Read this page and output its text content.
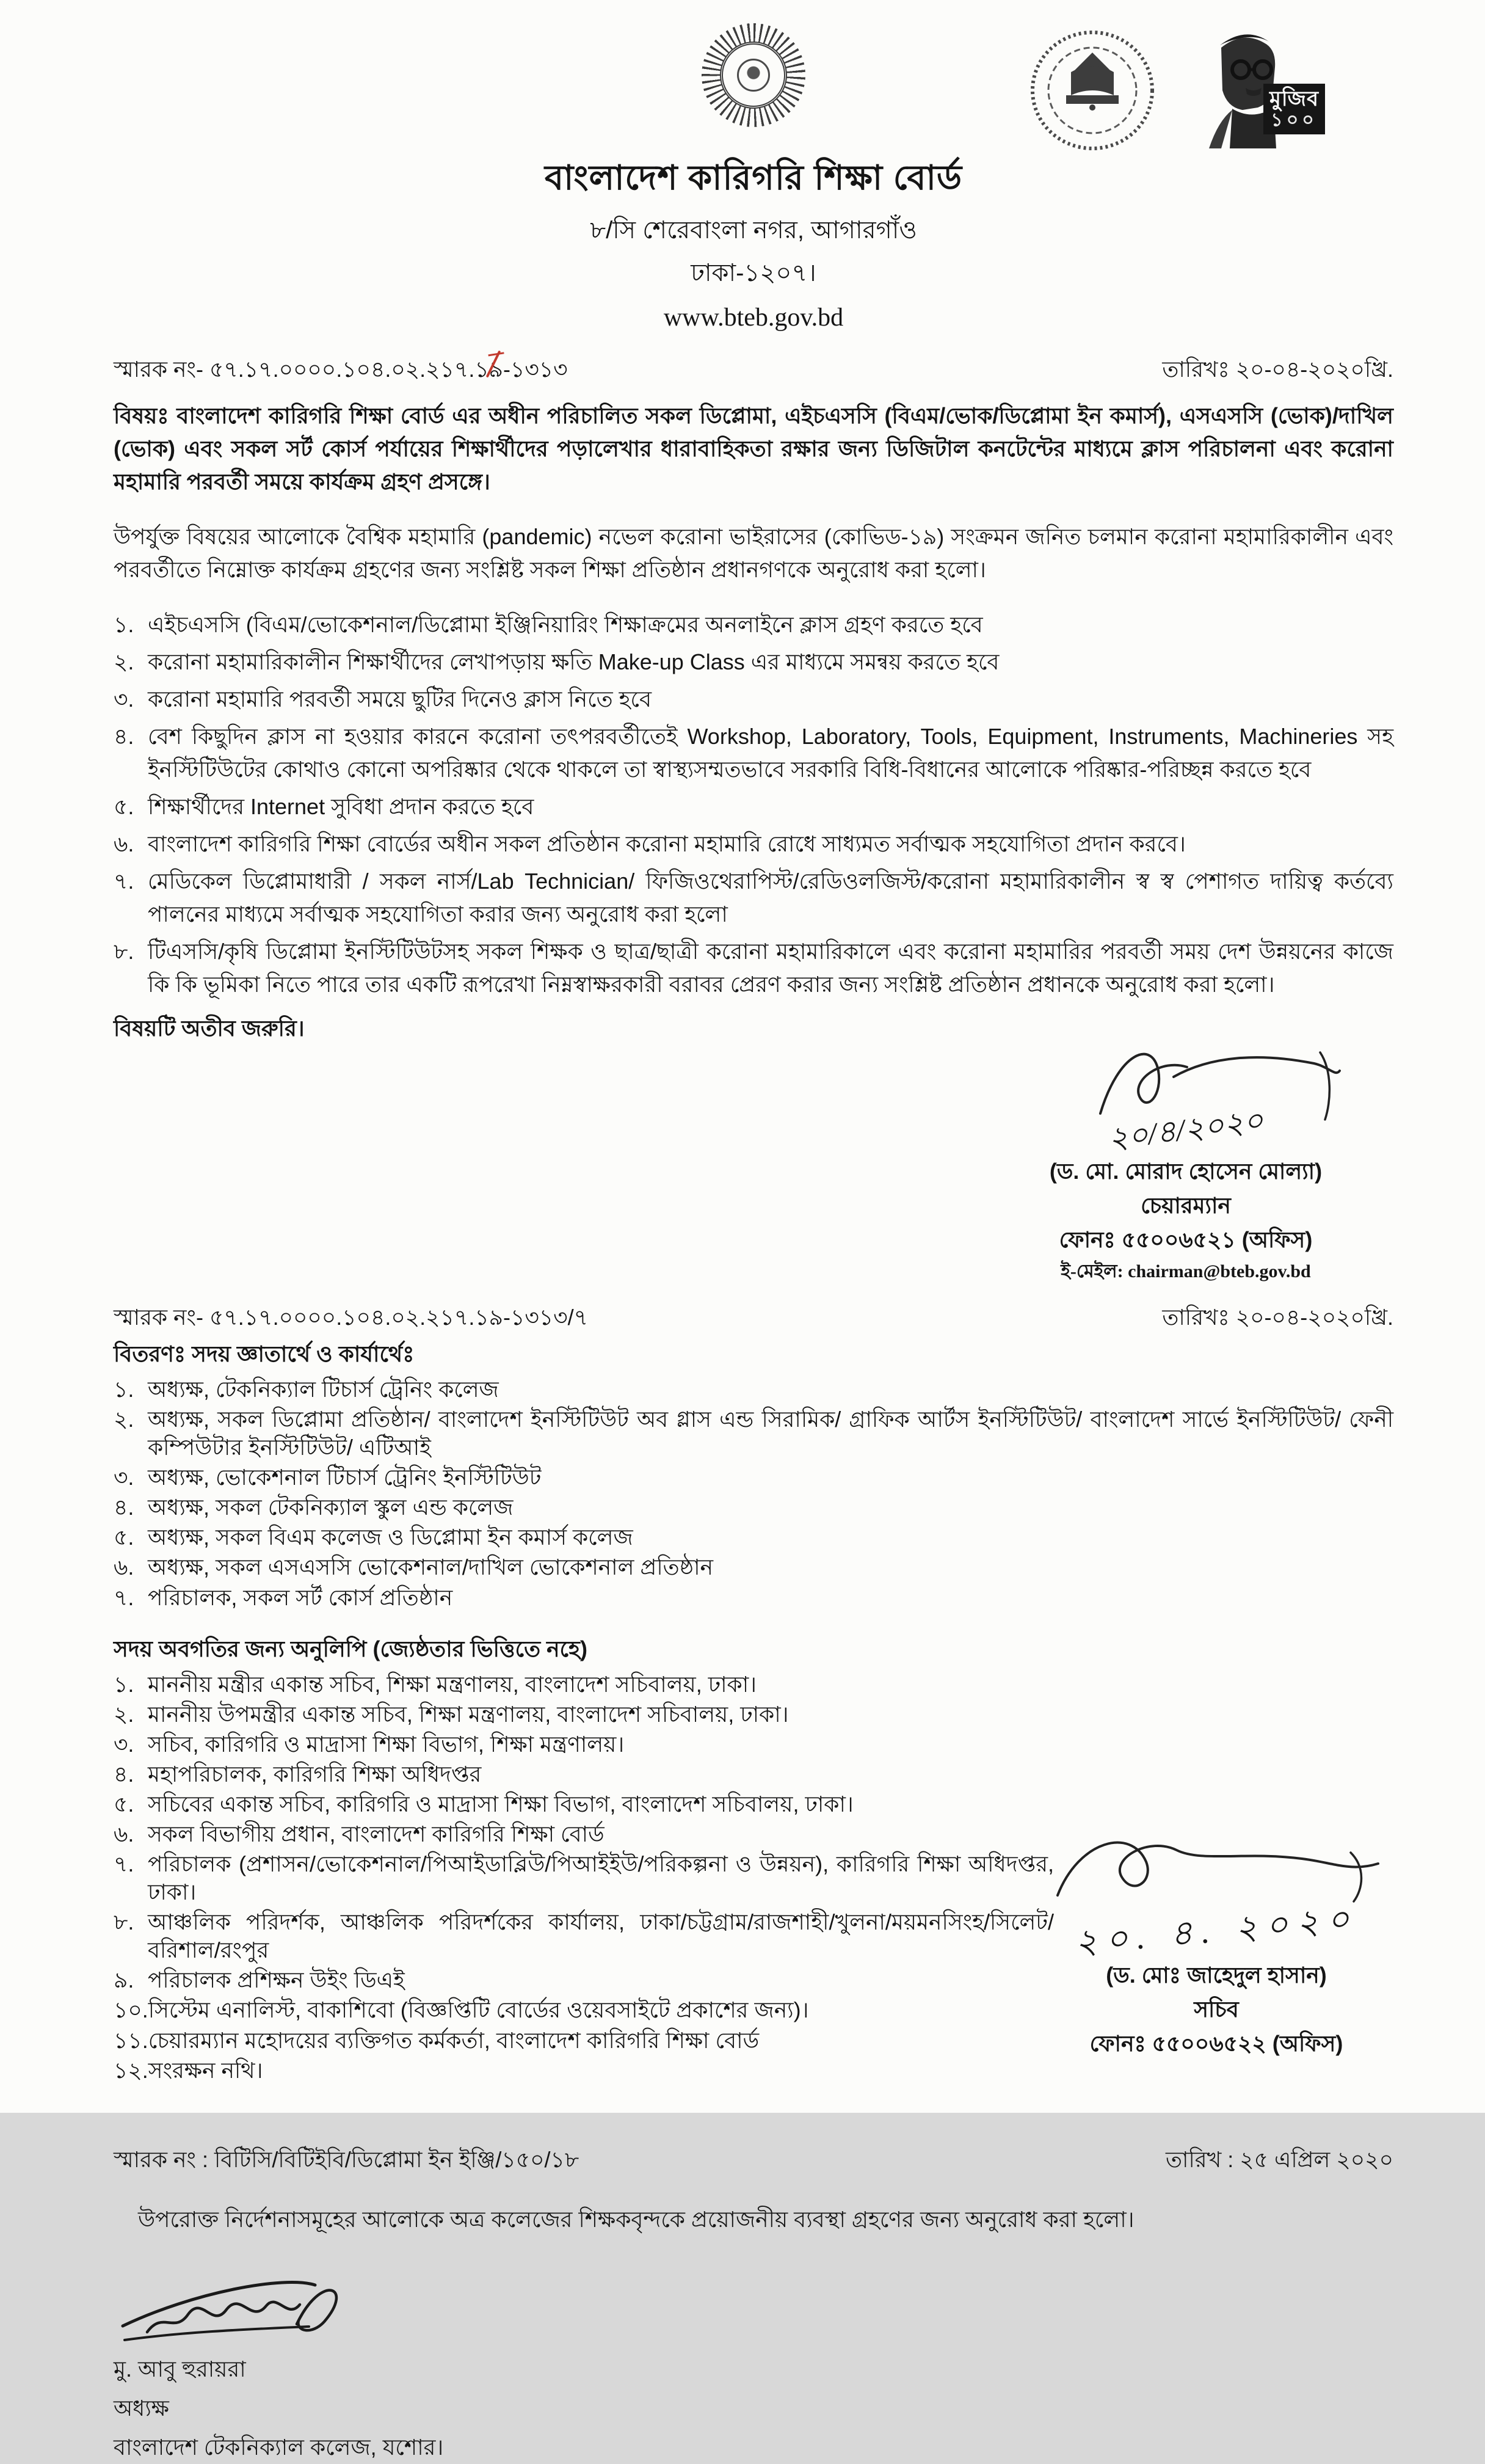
মুজিব
১০০
বাংলাদেশ কারিগরি শিক্ষা বোর্ড
৮/সি শেরেবাংলা নগর, আগারগাঁও
ঢাকা-১২০৭।
www.bteb.gov.bd
স্মারক নং- ৫৭.১৭.০০০০.১০৪.০২.২১৭.১৯-১৩১৩	তারিখঃ ২০-০৪-২০২০খ্রি.

বিষয়ঃ বাংলাদেশ কারিগরি শিক্ষা বোর্ড এর অধীন পরিচালিত সকল ডিপ্লোমা, এইচএসসি (বিএম/ভোক/ডিপ্লোমা ইন কমার্স), এসএসসি (ভোক)/দাখিল (ভোক) এবং সকল সর্ট কোর্স পর্যায়ের শিক্ষার্থীদের পড়ালেখার ধারাবাহিকতা রক্ষার জন্য ডিজিটাল কনটেন্টের মাধ্যমে ক্লাস পরিচালনা এবং করোনা মহামারি পরবর্তী সময়ে কার্যক্রম গ্রহণ প্রসঙ্গে।

উপর্যুক্ত বিষয়ের আলোকে বৈশ্বিক মহামারি (pandemic) নভেল করোনা ভাইরাসের (কোভিড-১৯) সংক্রমন জনিত চলমান করোনা মহামারিকালীন এবং পরবর্তীতে নিম্নোক্ত কার্যক্রম গ্রহণের জন্য সংশ্লিষ্ট সকল শিক্ষা প্রতিষ্ঠান প্রধানগণকে অনুরোধ করা হলো।

১. এইচএসসি (বিএম/ভোকেশনাল/ডিপ্লোমা ইঞ্জিনিয়ারিং শিক্ষাক্রমের অনলাইনে ক্লাস গ্রহণ করতে হবে
২. করোনা মহামারিকালীন শিক্ষার্থীদের লেখাপড়ায় ক্ষতি Make-up Class এর মাধ্যমে সমন্বয় করতে হবে
৩. করোনা মহামারি পরবর্তী সময়ে ছুটির দিনেও ক্লাস নিতে হবে
৪. বেশ কিছুদিন ক্লাস না হওয়ার কারনে করোনা তৎপরবর্তীতেই Workshop, Laboratory, Tools, Equipment, Instruments, Machineries সহ ইনস্টিটিউটের কোথাও কোনো অপরিষ্কার থেকে থাকলে তা স্বাস্থ্যসম্মতভাবে সরকারি বিধি-বিধানের আলোকে পরিষ্কার-পরিচ্ছন্ন করতে হবে
৫. শিক্ষার্থীদের Internet সুবিধা প্রদান করতে হবে
৬. বাংলাদেশ কারিগরি শিক্ষা বোর্ডের অধীন সকল প্রতিষ্ঠান করোনা মহামারি রোধে সাধ্যমত সর্বাত্মক সহযোগিতা প্রদান করবে।
৭. মেডিকেল ডিপ্লোমাধারী / সকল নার্স/Lab Technician/ ফিজিওথেরাপিস্ট/রেডিওলজিস্ট/করোনা মহামারিকালীন স্ব স্ব পেশাগত দায়িত্ব কর্তব্যে পালনের মাধ্যমে সর্বাত্মক সহযোগিতা করার জন্য অনুরোধ করা হলো
৮. টিএসসি/কৃষি ডিপ্লোমা ইনস্টিটিউটসহ সকল শিক্ষক ও ছাত্র/ছাত্রী করোনা মহামারিকালে এবং করোনা মহামারির পরবর্তী সময় দেশ উন্নয়নের কাজে কি কি ভূমিকা নিতে পারে তার একটি রূপরেখা নিম্নস্বাক্ষরকারী বরাবর প্রেরণ করার জন্য সংশ্লিষ্ট প্রতিষ্ঠান প্রধানকে অনুরোধ করা হলো।

বিষয়টি অতীব জরুরি।

২০/৪/২০২০
(ড. মো. মোরাদ হোসেন মোল্যা)
চেয়ারম্যান
ফোনঃ ৫৫০০৬৫২১ (অফিস)
ই-মেইল: chairman@bteb.gov.bd
স্মারক নং- ৫৭.১৭.০০০০.১০৪.০২.২১৭.১৯-১৩১৩/৭	তারিখঃ ২০-০৪-২০২০খ্রি.
বিতরণঃ সদয় জ্ঞাতার্থে ও কার্যার্থেঃ
১. অধ্যক্ষ, টেকনিক্যাল টিচার্স ট্রেনিং কলেজ
২. অধ্যক্ষ, সকল ডিপ্লোমা প্রতিষ্ঠান/ বাংলাদেশ ইনস্টিটিউট অব গ্লাস এন্ড সিরামিক/ গ্রাফিক আর্টস ইনস্টিটিউট/ বাংলাদেশ সার্ভে ইনস্টিটিউট/ ফেনী কম্পিউটার ইনস্টিটিউট/ এটিআই
৩. অধ্যক্ষ, ভোকেশনাল টিচার্স ট্রেনিং ইনস্টিটিউট
৪. অধ্যক্ষ, সকল টেকনিক্যাল স্কুল এন্ড কলেজ
৫. অধ্যক্ষ, সকল বিএম কলেজ ও ডিপ্লোমা ইন কমার্স কলেজ
৬. অধ্যক্ষ, সকল এসএসসি ভোকেশনাল/দাখিল ভোকেশনাল প্রতিষ্ঠান
৭. পরিচালক, সকল সর্ট কোর্স প্রতিষ্ঠান
সদয় অবগতির জন্য অনুলিপি (জ্যেষ্ঠতার ভিত্তিতে নহে)
১. মাননীয় মন্ত্রীর একান্ত সচিব, শিক্ষা মন্ত্রণালয়, বাংলাদেশ সচিবালয়, ঢাকা।
২. মাননীয় উপমন্ত্রীর একান্ত সচিব, শিক্ষা মন্ত্রণালয়, বাংলাদেশ সচিবালয়, ঢাকা।
৩. সচিব, কারিগরি ও মাদ্রাসা শিক্ষা বিভাগ, শিক্ষা মন্ত্রণালয়।
৪. মহাপরিচালক, কারিগরি শিক্ষা অধিদপ্তর
৫. সচিবের একান্ত সচিব, কারিগরি ও মাদ্রাসা শিক্ষা বিভাগ, বাংলাদেশ সচিবালয়, ঢাকা।
৬. সকল বিভাগীয় প্রধান, বাংলাদেশ কারিগরি শিক্ষা বোর্ড
৭. পরিচালক (প্রশাসন/ভোকেশনাল/পিআইডাব্লিউ/পিআইইউ/পরিকল্পনা ও উন্নয়ন), কারিগরি শিক্ষা অধিদপ্তর, ঢাকা।
৮. আঞ্চলিক পরিদর্শক, আঞ্চলিক পরিদর্শকের কার্যালয়, ঢাকা/চট্টগ্রাম/রাজশাহী/খুলনা/ময়মনসিংহ/সিলেট/বরিশাল/রংপুর
৯. পরিচালক প্রশিক্ষন উইং ডিএই
১০. সিস্টেম এনালিস্ট, বাকাশিবো (বিজ্ঞপ্তিটি বোর্ডের ওয়েবসাইটে প্রকাশের জন্য)।
১১. চেয়ারম্যান মহোদয়ের ব্যক্তিগত কর্মকর্তা, বাংলাদেশ কারিগরি শিক্ষা বোর্ড
১২. সংরক্ষন নথি।
২০. ৪. ২০২০
(ড. মোঃ জাহেদুল হাসান)
সচিব
ফোনঃ ৫৫০০৬৫২২ (অফিস)
স্মারক নং : বিটিসি/বিটিইবি/ডিপ্লোমা ইন ইঞ্জি/১৫০/১৮	তারিখ : ২৫ এপ্রিল ২০২০

উপরোক্ত নির্দেশনাসমূহের আলোকে অত্র কলেজের শিক্ষকবৃন্দকে প্রয়োজনীয় ব্যবস্থা গ্রহণের জন্য অনুরোধ করা হলো।

মু. আবু হুরায়রা
অধ্যক্ষ
বাংলাদেশ টেকনিক্যাল কলেজ, যশোর।
